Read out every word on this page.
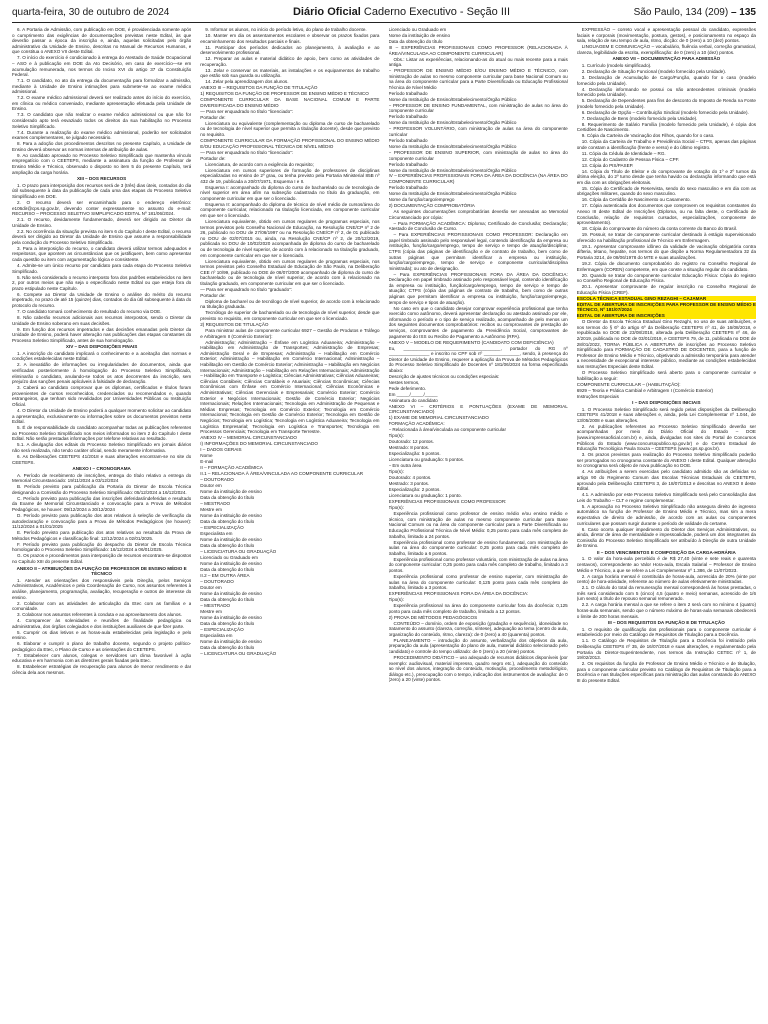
quarta-feira, 30 de outubro de 2024	Diário Oficial Caderno Executivo - Seção III	São Paulo, 134 (209) – 135

6. A Portaria de Admissão, com publicação em DOE, é providenciada somente após o cumprimento das exigências de documentações previstas neste Edital, às que deverão passar a época da inscrição e, ainda, aquelas solicitadas pelo órgão administrativo da Unidade de Ensino, descritas no Manual de Recursos Humanos, e que constitua o ANEXO VII deste Edital.

7. O início do exercício é condicionado à entrega do Atestado de Saúde Ocupacional – ASO e à publicação em DOE da Ato Decisório, em caso de exercício—se em acumulação remunerada, nos termos do Inciso XVI do artigo 37 da Constituição Federal.

7.1. O candidato, no ato da entrega da documentação para formalizar a admissão, mediante à Unidade de Ensino intimações para submeter-se ao exame médico admissional.

7.2. O exame médico admissional deverá ser realizado antes do início do exercício, em clínica ou médico conveniado, mediante apresentação efetuada pela Unidade de Ensino.

7.3. O candidato que não realizar o exame médico admissional ou que não for considerado apto terá esvaziado todos os direitos da sua habilitação no Processo Seletivo Simplificado.

7.4. Durante a realização do exame médico admissional, poderão ser solicitados exames complementares, se julgado necessário.

8. Para a adoção dos procedimentos descritos no presente Capítulo, a Unidade de Ensino deverá observar as normas internas de atribuição de aulas.

9. Ao candidato aprovado no Processo Seletivo Simplificado que mantenha vínculo empregatício com o CEETEPS, mediante a assinatura da função de Professor de Ensino Médio e Técnico, observado o disposto no item 5 do presente Capítulo, terá ampliação da carga horária.

XIII – DOS RECURSOS

1. O prazo para interposição dos recursos será de 3 (três) dias úteis, contados do dia útil subsequente à data da publicação de cada uma das etapas do Processo Seletivo Simplificado em DOE.

2. O recurso deverá ser encaminhado para o endereço eletrônico: e106dir@cps.sp.gov.br, devendo conter expressamente no assunto do e-mail: RECURSO – PROCESSO SELETIVO SIMPLIFICADO EDITAL Nº 181/06/2024.

2.1. O recurso, devidamente fundamentado, deverá ser dirigido ao Diretor da Unidade de Ensino.

2.2. No ocorrência da situação prevista no item 6 do Capítulo I deste Edital, o recurso deverá ser dirigido ao Diretor da Unidade de Ensino que assume a responsabilidade pela condução do Processo Seletivo Simplificado.

3. Para a interposição do recurso, o candidato deverá utilizar termos adequados e respeitosos, que apontem as circunstâncias que os justifiquem, bem como apresentar cada questão ou item com argumentação lógica e consistente.

4. Admite-se um único recurso por candidato para cada etapa do Processo Seletivo Simplificado.

5. Não será considerado o recurso interposto fora dos padrões estabelecidos no item 2, por outros meios que não seja o especificado neste Edital ou que esteja fora do prazo estipulado neste Capítulo.

6. Compete ao Diretor da Unidade de Ensino o análise do mérito do recurso impetrado, no prazo de até 15 (quinze) dias, contados do dia útil subsequente à data do protocolo do recurso.

7. O candidato tomará conhecimento do resultado do recurso via DOE.

8. Não caberão recursos adicionais aos recursos interpostos, sendo o Diretor da Unidade de Ensino soberano em suas decisões.

9. Em função dos recursos impetrados e das decisões emanadas pelo Diretor da Unidade de Ensino, poderá haver alteração nas publicações das etapas constantes do Processo Seletivo Simplificado, antes de sua homologação.

XIV – DAS DISPOSIÇÕES FINAIS

1. A inscrição do candidato implicará o conhecimento e a aceitação das normas e condições estabelecidas neste Edital.

2. A inexatidão de informações ou irregularidades de documentos, ainda que verificadas posteriormente à homologação do Processo Seletivo Simplificado, eliminarão o candidato, anulando-se todos os atos decorrentes da inscrição, sem prejuízo das sanções penais aplicáveis à falsidade de declaração.

3. Caberá ao candidato comprovar que os diplomas, certificados e títulos foram provenientes de cursos reconhecidos, credenciados ou recomendados e, quando estrangeiros, que tenham sido revalidados por Universidades Públicas ou Instituição Oficial.

4. O Diretor da Unidade de Ensino poderá a qualquer momento solicitar ao candidato a apresentação, exclusivamente ou informações sobre os documentos previstos neste Edital.

5. É de responsabilidade do candidato acompanhar todas as publicações referentes ao Processo Seletivo Simplificado nos meios informados no item 2 do Capítulo I deste Edital. Não serão prestadas informações por telefone relativas ao resultado.

5.1. A divulgação dos editais do Processo Seletivo Simplificado em jornais diários não será realizada, não tendo caráter oficial, sendo meramente informativa.

6. As Deliberações CEETEPS 41/2018 e suas alterações encontram-se no site do CEETEPS.

ANEXO I – CRONOGRAMA

A. Período de recebimento de inscrições, entrega do título relativo a entrega do Memorial Circunstanciado: 19/11/2024 a 03/12/2024

B. Período previsto para publicação da Portaria do Diretor de Escola Técnica designando a Comissão do Processo Seletivo Simplificado: 05/12/2024 a 16/12/2024.

C. Período previsto para publicação das inscrições deferidas/indeferidas e resultado da Exame de Memorial Circunstanciado e convocação para a Prova de Métodos Pedagógicos, se houver: 09/12/2024 a 30/12/2024

D. Período previsto para publicação dos atos relativos à seleção de verificação da autodeclaração e convocação para a Prova de Métodos Pedagógicos (se houver): 11/12/2024 a 01/01/2025

E. Período previsto para publicação dos atos relativos ao resultado da Prova de Métodos Pedagógicos e classificação final: 12/12/2024 a 02/01/2025.

F. Período previsto para publicação do despacho do Diretor de Escola Técnica homologando o Processo Seletivo Simplificado: 16/12/2024 a 06/01/2025.

G. Os prazos e procedimentos para interposição de recursos encontram-se dispostos no Capítulo XIII do presente Edital.

ANEXO II – ATRIBUIÇÕES DA FUNÇÃO DE PROFESSOR DE ENSINO MÉDIO E TÉCNICO

1. Atender as orientações dos responsáveis pela Direção, pelos Serviços Administrativos, Acadêmicos e pela Coordenação de Curso, nos assuntos referentes à análise, planejamento, programação, avaliação, recuperação e outros de interesse do ensino.

2. Colaborar com as atividades de articulação da Etec com as famílias e a comunidade.

3. Colaborar nos assuntos referentes à conduta e ao aproveitamento dos alunos.

4. Comparecer às solenidades e reuniões de finalidade pedagógica ou administrativa, dos órgãos colegiados e dos instituições auxiliares de que fizer parte.

5. Cumprir os dias letivos e as horas-aula estabelecidas pela legislação e pelo ensino.

6. Elaborar e cumprir o plano de trabalho docente, segundo o projeto político-pedagógico da Etec, o Plano de Curso e as orientações do CEETEPS.

7. Estabelecer com alunos, colegas e servidores um clima favorável à ação educativa e em harmonia com as diretrizes gerais fixadas pela Etec.

8. Estabelecer estratégias de recuperação para alunos de menor rendimento e dar ciência dela aos mesmos.

9. Informar os alunos, no início do período letivo, do plano de trabalho docente.

10. Manter em dia os assentamentos escolares e observar os prazos fixados para encaminhamento dos resultados parciais e finais.

11. Participar dos períodos dedicados ao planejamento, à avaliação e ao desenvolvimento profissional.

12. Preparar as aulas e material didático de apoio, bem como as atividades de recuperação.

13. Zelar e conservar os materiais, as instalações e os equipamentos de trabalho que estão sob sua guarda ou utilização.

14. Zelar pela aprendizagem dos alunos.

ANEXO III – REQUISITOS DA FUNÇÃO DE TITULAÇÃO

1) REQUISITOS DA FUNÇÃO DE PROFESSOR DE ENSINO MÉDIO E TÉCNICO

COMPONENTE CURRICULAR DA BASE NACIONAL COMUM E PARTE DIVERSIFICADA DO ENSINO MÉDIO

— Para ser enquadrado no título “licenciado”:

Portador de:

Licenciatura ou equivalente (complementação ou diploma de curso de bacharelado ou de tecnologia de nível superior que permita a titulação docente), desde que previsto no requisito.

COMPONENTE CURRICULAR DA FORMAÇÃO PROFISSIONAL DO ENSINO MÉDIO E/OU EDUCAÇÃO PROFISSIONAL TÉCNICA DE NÍVEL MÉDIO

— Para ser enquadrado no título “licenciado”:

Portador de:

Licenciatura, de acordo com a exigência do requisito;

Licenciatura em cursos superiores de formação de professores de disciplinas especializadas no ensino de 2º grau, ou tenha previsto pela Portaria Ministerial 85B nº 432 de 19, publicada a 20/07/1971, Esquema I e II.

Esquema I: acompanhado do diploma do curso de bacharelado ou de tecnologia de nível superior em área afim na subseção cadastrada no título da graduação, em componente curricular em que ser o licenciado.

Esquema II: acompanhado do diploma de técnico de nível médio de cursos/área do componente curricular, relacionado na titulação licenciada, em componente curricular em que ser o licenciado.

Licenciatura equivalente, obtido em cursos regulares de programas especiais, nos termos previstos pelo Conselho Nacional de Educação, na Resolução CNE/CP nº 2 de 26, publicado no DOU de 27/06/1997 ou na Resolução CNE/CP nº 2, de 01 publicado no DOU de 02/07/2015 ou, ainda, na Resolução CNE/CP nº 2, de 20/12/2019, publicada no DOU de 10/02/2020 acompanhada de diploma do curso de bacharelado ou de tecnologia de nível superior, de acordo com à relacionado na titulação graduado, em componente curricular em que ser o licenciado.

Licenciatura equivalente, obtido em cursos regulares de programas especiais, nos termos previstos pelo Conselho Estadual de Educação de São Paulo, na Deliberação CEE nº 10/99, publicado no DOE de 08/07/2000 acompanhado de diploma do curso de bacharelado ou de tecnologia de nível superior, de acordo com à relacionado na titulação graduado, em componente curricular em que ser o licenciado.

— Para ser enquadrado no título “graduado”:

Portador de:

Diploma de bacharel ou de tecnólogo de nível superior, de acordo com à relacionado na titulação graduada.

Tecnólogo de superior de bacharelado ou de tecnologia de nível superior, desde que previsto no requisito, em componente curricular em que ser o licenciado.

2) REQUISITOS DE TITULAÇÃO

Para ministrar aulas de componente curricular 6927 – Gestão de Produtos e Tráfego e Arbitragem II (Comércio Exterior):

Administração; Administração – Ênfase em Logística Aduaneira; Administração – Habilitação em Administração de Transportes; Administração de Empresas; Administração Geral e de Empresas; Administração – Habilitação em Comércio Exterior; Administração – Habilitação em Comércio Internacional; Administração – Habilitação em Gestão de Comércio Exterior; Administração – Habilitação em Negócios Internacionais; Administração – Habilitação em Relações Internacionais; Administração – Habilitação em Transporte e Logística; Ciências Administrativas; Ciências Aduaneiras; Ciências Contábeis; Ciências Contábeis e Atuariais; Ciências Econômicas; Ciências Econômicas com Ênfase em Comércio Internacional; Ciências Econômicas e Administrativas; Ciências Gerenciais e Empresariais; Comércio Exterior; Comércio Exterior e Negócios Internacionais; Gestão de Comércio Exterior; Negócios Internacionais; Relações Internacionais; Tecnologia em Administração de Pequenas e Médias Empresas; Tecnologia em Comércio Exterior; Tecnologia em Comércio Internacional; Tecnologia em Gestão de Comércio Exterior; Tecnologia em Gestão de Negócios; Tecnologia em Logística; Tecnologia em Logística Aduaneira; Tecnologia em Logística Empresarial; Tecnologia em Logística e Transportes; Tecnologia em Processos Gerenciais; Tecnologia em Transporte Terrestre.

ANEXO IV – MEMORIAL CIRCUNSTANCIADO

I) INFORMAÇÕES DO MEMORIAL CIRCUNSTANCIADO

I – DADOS GERAIS

Nome

E-mail

II – FORMAÇÃO ACADÊMICA

II.1 – RELACIONADA À ÁREA/VINCULADA AO COMPONENTE CURRICULAR

– DOUTORADO

Doutor em

Nome da instituição de ensino

Data da obtenção do título

– MESTRADO

Mestre em

Nome da instituição de ensino

Data da obtenção do título

– ESPECIALIZAÇÃO

Especialista em

Nome da instituição de ensino

Data da obtenção do título

– LICENCIATURA OU GRADUAÇÃO

Licenciado ou Graduado em

Nome da instituição de ensino

Data da obtenção do título

II.2 – EM OUTRA ÁREA

– DOUTORADO

Doutor em

Nome da instituição de ensino

Data da obtenção do título

– MESTRADO

Mestre em

Nome da instituição de ensino

Data da obtenção do título

– ESPECIALIZAÇÃO

Especialista em

Nome da instituição de ensino

Data da obtenção do título

– LICENCIATURA OU GRADUAÇÃO

Licenciado ou Graduado em

Nome da instituição de ensino

Data da obtenção do título

III – EXPERIÊNCIAS PROFISSIONAIS COMO PROFESSOR (RELACIONADA À ÁREA/VINCULADA AO COMPONENTE CURRICULAR)

Obs.: Listar as experiências, relacionando-as do atual ou mais recente para a mais antiga.

– PROFESSOR DE ENSINO MÉDIO E/OU ENSINO MÉDIO E TÉCNICO, com ministração de aulas no mesmo componente curricular para base Nacional Comum ou na área do componente curricular para a Parte Diversificada ou Educação Profissional Técnica de Nível Médio

Período trabalhado

Nome da Instituição de Ensino/Estabelecimento/Órgão Público

– PROFESSOR DE ENSINO FUNDAMENTAL, com ministração de aulas no área do componente curricular

Período trabalhado

Nome da Instituição de Ensino/Estabelecimento/Órgão Público

– PROFESSOR VOLUNTÁRIO, com ministração de aulas na área do componente curricular

Período trabalhado

Nome da Instituição de Ensino/Estabelecimento/Órgão Público

– PROFESSOR DE ENSINO SUPERIOR, com ministração de aulas no área do componente curricular

Período trabalhado

Nome da Instituição de Ensino/Estabelecimento/Órgão Público

IV – EXPERIÊNCIAS PROFISSIONAIS FORA DA ÁREA DA DOCÊNCIA (NA ÁREA DO COMPONENTE CURRICULAR)

Período trabalhado

Nome da Instituição de Ensino/Estabelecimento/Órgão Público

Nome da função/cargo/emprego

2) DOCUMENTAÇÃO COMPROBATÓRIA

As seguintes documentações comprobatórias deverão ser anexadas ao Memorial Circunstanciado por cópia:

– Para FORMAÇÃO ACADÊMICA: Diploma; Certificado de Conclusão; Declaração; Atestado de Conclusão de Curso.

– Para EXPERIÊNCIAS PROFISSIONAIS COMO PROFESSOR: Declaração em papel timbrado assinado pelo responsável legal, contendo identificação da empresa ou instituição, função/cargo/emprego, tempo de serviço e tempo de atuação/disciplina; CTPS (cópia das páginas de identificação e de contrato de trabalho, bem como de outras páginas que permitam identificar a empresa ou instituição, função/cargo/emprego, tempo de serviço e componente curricular/disciplina ministrada); ou ato de designação.

– Para EXPERIÊNCIAS PROFISSIONAIS FORA DA ÁREA DA DOCÊNCIA: Declaração em papel timbrado assinado pelo responsável legal, contendo identificação da empresa ou instituição, função/cargo/emprego, tempo de serviço e tempo de atuação; CTPS (cópia das páginas de contrato de trabalho, bem como de outras páginas que permitam identificar a empresa ou instituição, função/cargo/emprego, tempo de serviço e tipos de atuação).

No caso em que o candidato desejar comprovar experiência profissional que tenha exercido como autônomo, deverá apresentar declaração ou atestado assinado por ele, informando o período e o tipo de serviço realizado, acompanhado de pelo menos um dos seguintes documentos comprobatórios: recibos ou comprovantes de prestação de serviços, comprovantes de pagamento da Previdência Social, comprovantes de pagamento do ISS ou Recibo de Pagamento a Autônomo (RPA).

ANEXO V – MODELO DE REQUERIMENTO (CANDIDATO COM DEFICIÊNCIA)

Eu, ______________________________________, portador do RG nº ________________ e inscrito no CPF sob nº ______________, sendo, à presença do Diretor de Unidade de Ensino, requerer a aplicação da Prova de Métodos Pedagógicos do Processo Seletivo Simplificado de Docentes nº 181/06/2024 na forma especificada abaixo:

Descrição de ajustes técnicos ou condições especiais:

Nestes termos,

Pede deferimento.

Em _____/_____/_____

Assinatura do candidato

ANEXO VI – CRITÉRIOS E PONTUAÇÕES (EXAME DE MEMORIAL CIRCUNSTANCIADO)

1) EXAME DE MEMORIAL CIRCUNSTANCIADO

FORMAÇÃO ACADÊMICA:

– Relacionada à área/vinculada ao componente curricular

Tipo(s):

Doutorado: 12 pontos.

Mestrado: 8 pontos.

Especialização: 5 pontos.

Licenciatura ou graduação: 5 pontos.

– Em outra área

Tipo(s):

Doutorado: 4 pontos.

Mestrado: 3 pontos.

Especialização: 2 pontos.

Licenciatura ou graduação: 1 ponto.

EXPERIÊNCIAS PROFISSIONAIS COMO PROFESSOR:

Tipo(s):

Experiência profissional como professor de ensino médio e/ou ensino médio e técnico, com ministração de aulas no mesmo componente curricular para Base Nacional Comum ou na área do componente curricular para a Parte Diversificada ou Educação Profissional Técnica de Nível Médio: 0,25 ponto para cada mês completo de trabalho, limitado a 24 pontos.

Experiência profissional como professor de ensino fundamental, com ministração de aulas na área do componente curricular: 0,25 ponto para cada mês completo de trabalho, limitado a 6 pontos.

Experiência profissional como professor voluntário, com ministração de aulas na área do componente curricular: 0,25 ponto para cada mês completo de trabalho, limitado a 3 pontos.

Experiência profissional como professor de ensino superior, com ministração de aulas na área do componente curricular: 0,125 ponto para cada mês completo de trabalho, limitado a 3 pontos.

EXPERIÊNCIAS PROFISSIONAIS FORA DA ÁREA DA DOCÊNCIA:

Tipo(s):

Experiência profissional na área do componente curricular fora da docência: 0,125 ponto para cada mês completo de trabalho, limitado a 12 pontos.

2) PROVA DE MÉTODOS PEDAGÓGICOS

CONTEÚDO – domínio, ordem de exposição (gradação e sequência), idoneidade no tratamento do assunto (clareza, correção, síntese), adequação ao tema (centro do aula, organização do conteúdo, ritmo, clareza): de 0 (zero) a 40 (quarenta) pontos.

PLANEJAMENTO – introdução do assunto, verbalização dos objetivos da aula, preparação da aula (apresentação do plano de aula, material didático selecionado pelo candidato) e controle do tempo utilizado: de 0 (zero) a 20 (vinte) pontos.

PROCEDIMENTO DIDÁTICO – uso adequado de recursos didáticos disponíveis (por exemplo: audiovisual, material impresso, quadro negro etc.), adequação do conteúdo ao nível dos alunos, integração do conteúdo, motivação, procedimento metodológico, diálogo etc.), preocupação com o tempo, indicação dos instrumentos de avaliação: de 0 (zero) a 20 (vinte) pontos.

EXPRESSÃO – correto vocal e apresentação pessoal do candidato, expressões faciais e corporais (movimentação, postura, gestos), e posicionamento no espaço da sala, relação de seu tempo de aula, ritmo, dicção: de 0 (zero) a 10 (dez) pontos.

LINGUAGEM E COMUNICAÇÃO – vocabulário, fluência verbal, correção gramatical, clareza, legibilidade da escrita, exemplificação: de 0 (zero) a 10 (dez) pontos.

ANEXO VII – DOCUMENTAÇÃO PARA ADMISSÃO

1. Currículo (modelo simplificado).

2. Declaração de Situação Funcional (modelo fornecido pela Unidade).

3. Declaração de Acumulação de Cargo/Função, quando for o caso (modelo fornecido pela Unidade).

4. Declaração informando se possui ou não antecedentes criminais (modelo fornecido pela Unidade).

5. Declaração de Dependentes para fins de desconto do Imposto de Renda na Fonte (modelo fornecido pela Unidade).

6. Declaração de Opção – Contribuição Sindical (modelo fornecido pela Unidade).

7. Declaração de Bens (modelo fornecido pela Unidade).

8. Requerimento de Salário Família (modelo fornecido pela Unidade), é cópia dos Certidões de Nascimento.

9. Cópia da Carteira de Vacinação dos Filhos, quando for o caso.

10. Cópia da Carteira de Trabalho e Previdência Social – CTPS, apenas das páginas onde constam a identificação (frente e verso) e do último registro.

11. Cópia da Cédula de Identidade – RG.

12. Cópia do Cadastro de Pessoa Física – CPF.

13. Cópia do PIS/PASEP.

14. Cópia do Título de Eleitor e do comprovante de votação do 1º e 2º turnos da última eleição, do 2º turno desde que tenha havido ou declaração informando que está em dia com as obrigações eleitorais.

15. Cópia do Certificado de Reservista, sendo do sexo masculino e em dia com as obrigações militares, quando do sexo masculino.

16. Cópia da Certidão de Nascimento ou Casamento.

17. Cópia autenticada dos documentos que comprovem os requisitos constantes do Anexo III deste Edital de Inscrições (Diploma, ou na falta deste, o Certificado de Conclusão, relação de requisitos cursados, especializações, componente de aproveitamento).

18. Cópia do comprovante do número da conta corrente do Banco do Brasil.

19. Possuir, se tratar de componente curricular destinado à estágio supervisionado oferecido na habilitação profissional de Técnico em Enfermagem.

19.1. Apresentar comprovante idôneo da validade de vacinação obrigatória contra difteria, tétano, hepatite, nos termos do que dispõe a Norma Regulamentadora 32 da Portaria 3214, de 08/06/1978 do MTE e suas atualizações.

19.2. Cópia de documento comprobatório do registro no Conselho Regional de Enfermagem (COREN) competente, em que conste a situação regular do candidato.

20. Quando se tratar do componente curricular Educação Física: Cópia do registro no Conselho Regional de Educação Física.

20.1. Apresentar comprovante de regular inscrição no Conselho Regional de Educação Física (CREF).

ESCOLA TÉCNICA ESTADUAL GINO REZAGHI – CAJAMAR

EDITAL DE ABERTURA DE INSCRIÇÕES PARA PROFESSOR DE ENSINO MÉDIO E TÉCNICO, Nº 181/07/2024

EDITAL DE ABERTURA DE INSCRIÇÕES

O Diretor da Escola Técnica Estadual Gino Rezaghi, no uso de suas atribuições, e nos termos do § 6º do artigo 6º da Deliberação CEETEPS nº 41, de 16/08/2018, e republicada no DOE de 23/08/2018, alterada pela Deliberação CEETEPS nº 46, de 2/2019, publicada no DOE de 03/01/2019, e CEETEPS 79, de 11, publicada no DOE de 28/01/2022, TORNA PÚBLICA A ABERTURA de inscrições ao Processo Seletivo Simplificado para FORMAÇÃO DE CADASTRO DE DOCENTES, para a função de Professor de Ensino Médio e Técnico, objetivando a admissão temporária para atender a necessidade de excepcional interesse público, mediante as condições estabelecidas nas Instruções Especiais deste Edital.

O Processo Seletivo Simplificado será aberto para o componente curricular e habilitação a seguir:

COMPONENTE CURRICULAR – (HABILITAÇÃO):

6929 – Teoria e Prática Cambial e Arbitragem I (Comércio Exterior)

Instruções Especiais

I – DAS DISPOSIÇÕES INICIAIS

1. O Processo Seletivo Simplificado será regido pelas disposições da Deliberação CEETEPS 41/2018 e suas alterações e, ainda, pela Lei Complementar nº 1.044, de 13/05/2008 e suas alterações.

2. As publicações referentes ao Processo Seletivo Simplificado deverão ser acompanhadas por meio do Diário Oficial do Estado – DOE (www.imprensaoficial.com.br) e, ainda, divulgadas nos sites do Portal de Concursos Públicos do Estado (www.concursopublico.sp.gov.br) e do Centro Estadual de Educação Tecnológica Paula Souza – CEETEPS (www.cps.sp.gov.br).

3. Os prazos previstos para realização do Processo Seletivo Simplificado poderão ser prorrogados no cronograma constante do ANEXO I deste Edital. Qualquer alteração no cronograma será objeto de nova publicação no DOE.

4. As atribuições a serem exercidas pelo candidato admitido são as definidas no artigo 90 do Regimento Comum das Escolas Técnicas Estaduais do CEETEPS, aprovado pela Deliberação CEETEPS 3, de 18/07/2013 e descritas no ANEXO II deste Edital.

4.1. A admissão por este Processo Seletivo Simplificado será pelo Consolidação das Leis do Trabalho – CLT e regime complementar.

5. A aprovação no Processo Seletivo Simplificado não assegura direito de ingresso automático na função de Professor de Ensino Médio e Técnico, mas sim a mera expectativa de direito de admissão, de acordo com as aulas ou componentes curriculares que possam surgir durante o período de validade do certame.

6. Caso ocorra qualquer impedimento do Diretor dos Serviços Administrativos, ou ainda, diretor de área de mentalidade e impessoalidade, poderá um dos integrantes da Comissão do Processo Seletivo Simplificado ser atribuído à Direção de outra Unidade de Ensino.

II – DOS VENCIMENTOS E COMPOSIÇÃO DA CARGA-HORÁRIA

1. O valor da hora-aula percebido é de R$ 27,40 (vinte e sete reais e quarenta centavos), correspondente ao Valor Hora-aula, Escala Salarial – Professor de Ensino Médio e Técnico, a que se refere a Lei Complementar nº 1.386, de 11/07/2023.

2. A carga horária mensal é constituída de horas-aula, acrescida de 20% (vinte por cento) de hora-atividade, referente ao número de aulas efetivamente ministradas.

2.1. O cálculo do total da remuneração mensal corresponderá às horas prestadas, o mês será considerado com 5 (cinco) 4,5 (quatro e meio) semanas, acrescido de 1/6 (um sexto) a título de repouso semanal remunerado.

2.2. A carga horária mensal a que se refere o item 2 será com no mínimo 4 (quatro) horas-aula semanais, sendo que o número máximo de horas-aula semanais obedecerá o limite de 200 horas mensais.

III – DOS REQUISITOS DA FUNÇÃO E DE TITULAÇÃO

1. O requisito de qualificação dos profissionais para o componente curricular é estabelecido por meio do Catálogo de Requisitos de Titulação para a Docência.

1.1. O Catálogo de Requisitos de Titulação para a Docência foi instituído pela Deliberação CEETEPS nº 35, de 16/07/2018 e suas alterações, e regulamentado pela Portaria do Diretor-Superintendente, nos termos da Instrução CETEC nº 1, de 19/02/2013.

2. Os requisitos da função de Professor de Ensino Médio e Técnico e de titulação, para o componente curricular previsto no Catálogo de Requisitos de Titulação para a Docência e nas titulações específicas para ministração das aulas constando do ANEXO III do presente Edital.
